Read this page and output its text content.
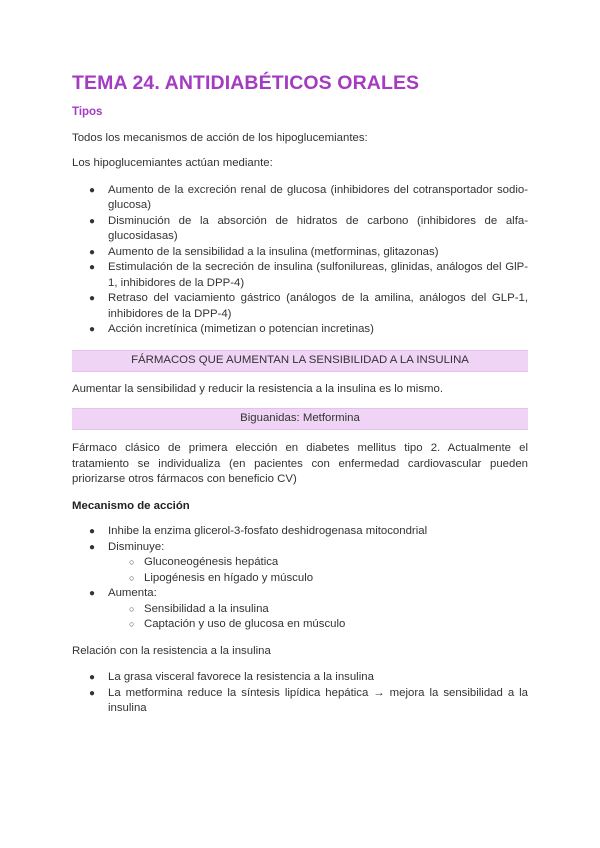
TEMA 24. ANTIDIABÉTICOS ORALES
Tipos

Todos los mecanismos de acción de los hipoglucemiantes:

Los hipoglucemiantes actúan mediante:

● Aumento de la excreción renal de glucosa (inhibidores del cotransportador sodio-glucosa)
● Disminución de la absorción de hidratos de carbono (inhibidores de alfa-glucosidasas)
● Aumento de la sensibilidad a la insulina (metforminas, glitazonas)
● Estimulación de la secreción de insulina (sulfonilureas, glinidas, análogos del GlP-1, inhibidores de la DPP-4)
● Retraso del vaciamiento gástrico (análogos de la amilina, análogos del GLP-1, inhibidores de la DPP-4)
● Acción incretínica (mimetizan o potencian incretinas)
FÁRMACOS QUE AUMENTAN LA SENSIBILIDAD A LA INSULINA

Aumentar la sensibilidad y reducir la resistencia a la insulina es lo mismo.

Biguanidas: Metformina

Fármaco clásico de primera elección en diabetes mellitus tipo 2. Actualmente el tratamiento se individualiza (en pacientes con enfermedad cardiovascular pueden priorizarse otros fármacos con beneficio CV)

Mecanismo de acción
● Inhibe la enzima glicerol-3-fosfato deshidrogenasa mitocondrial
● Disminuye:
○ Gluconeogénesis hepática
○ Lipogénesis en hígado y músculo
● Aumenta:
○ Sensibilidad a la insulina
○ Captación y uso de glucosa en músculo

Relación con la resistencia a la insulina

● La grasa visceral favorece la resistencia a la insulina
● La metformina reduce la síntesis lipídica hepática → mejora la sensibilidad a la insulina
